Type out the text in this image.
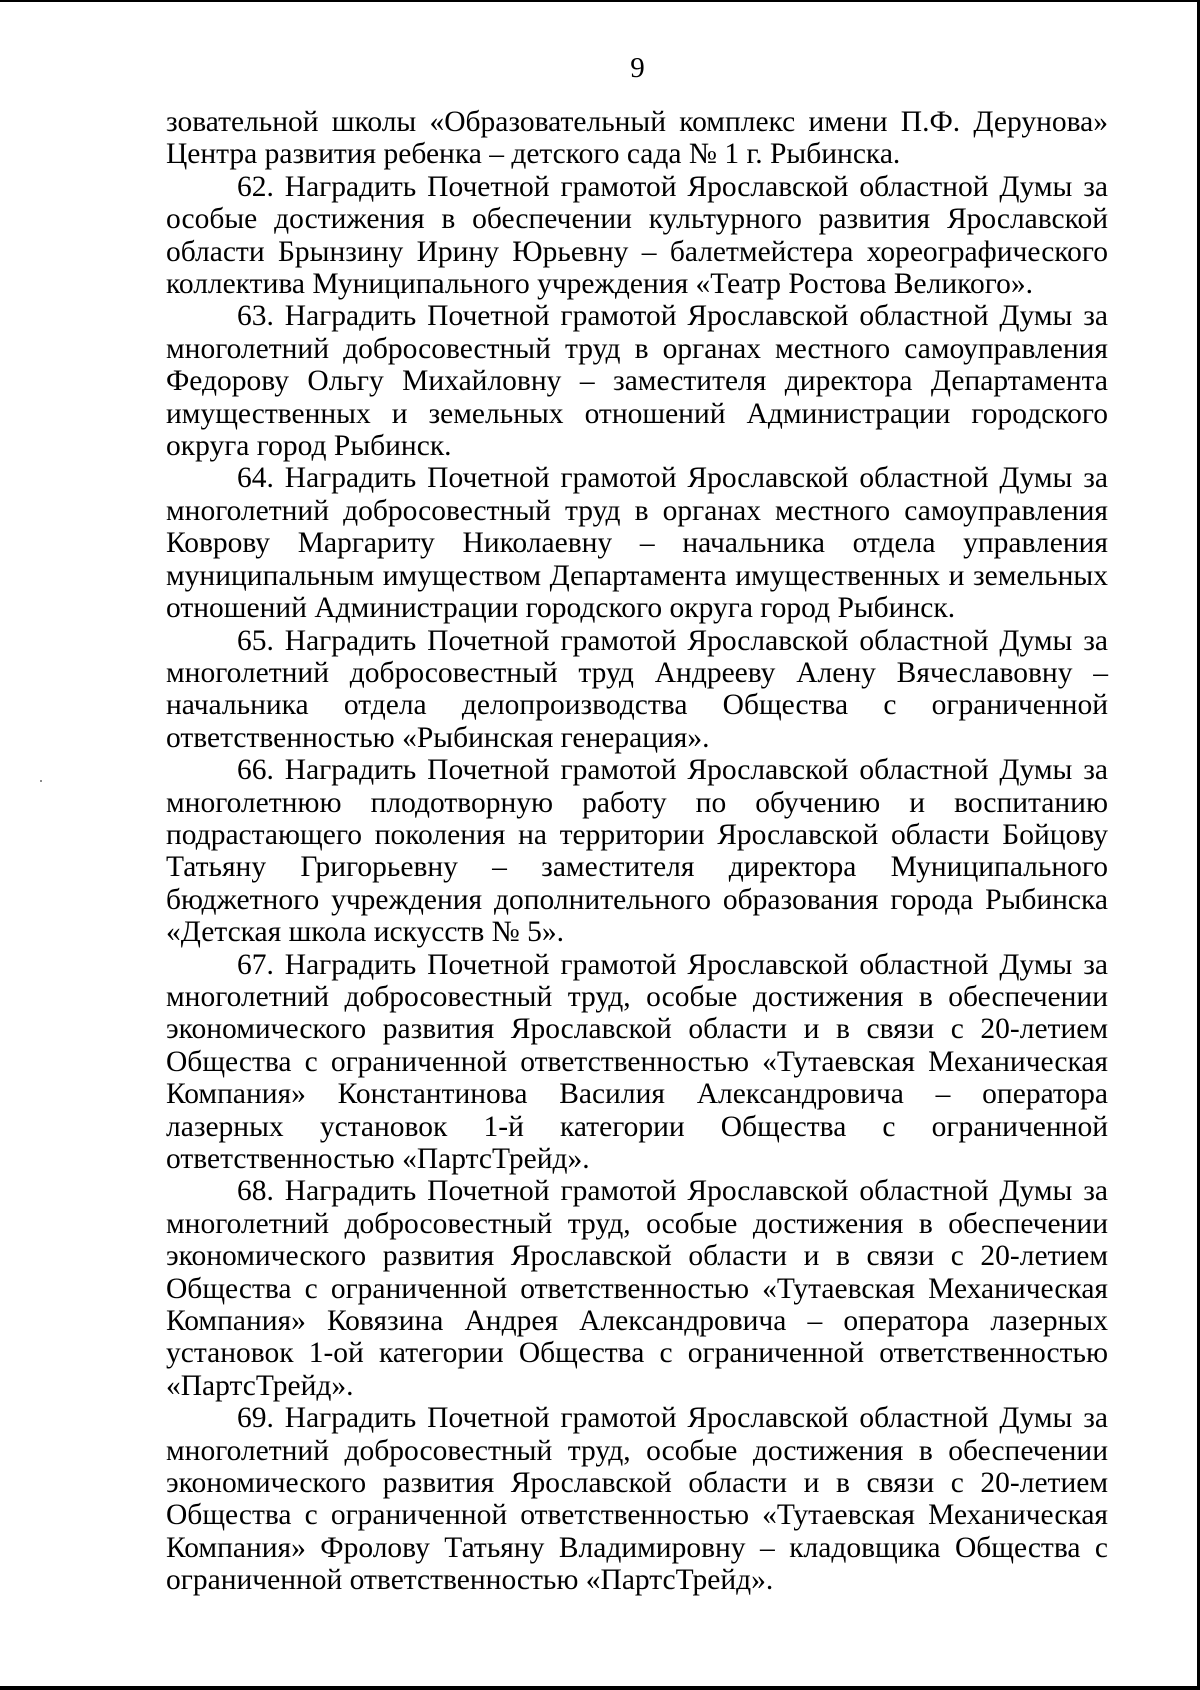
9

зовательной школы «Образовательный комплекс имени П.Ф. Дерунова» Центра развития ребенка – детского сада № 1 г. Рыбинска.

62. Наградить Почетной грамотой Ярославской областной Думы за особые достижения в обеспечении культурного развития Ярославской области Брынзину Ирину Юрьевну – балетмейстера хореографического коллектива Муниципального учреждения «Театр Ростова Великого».

63. Наградить Почетной грамотой Ярославской областной Думы за многолетний добросовестный труд в органах местного самоуправления Федорову Ольгу Михайловну – заместителя директора Департамента имущественных и земельных отношений Администрации городского округа город Рыбинск.

64. Наградить Почетной грамотой Ярославской областной Думы за многолетний добросовестный труд в органах местного самоуправления Коврову Маргариту Николаевну – начальника отдела управления муниципальным имуществом Департамента имущественных и земельных отношений Администрации городского округа город Рыбинск.

65. Наградить Почетной грамотой Ярославской областной Думы за многолетний добросовестный труд Андрееву Алену Вячеславовну – начальника отдела делопроизводства Общества с ограниченной ответственностью «Рыбинская генерация».

66. Наградить Почетной грамотой Ярославской областной Думы за многолетнюю плодотворную работу по обучению и воспитанию подрастающего поколения на территории Ярославской области Бойцову Татьяну Григорьевну – заместителя директора Муниципального бюджетного учреждения дополнительного образования города Рыбинска «Детская школа искусств № 5».

67. Наградить Почетной грамотой Ярославской областной Думы за многолетний добросовестный труд, особые достижения в обеспечении экономического развития Ярославской области и в связи с 20-летием Общества с ограниченной ответственностью «Тутаевская Механическая Компания» Константинова Василия Александровича – оператора лазерных установок 1-й категории Общества с ограниченной ответственностью «ПартсТрейд».

68. Наградить Почетной грамотой Ярославской областной Думы за многолетний добросовестный труд, особые достижения в обеспечении экономического развития Ярославской области и в связи с 20-летием Общества с ограниченной ответственностью «Тутаевская Механическая Компания» Ковязина Андрея Александровича – оператора лазерных установок 1-ой категории Общества с ограниченной ответственностью «ПартсТрейд».

69. Наградить Почетной грамотой Ярославской областной Думы за многолетний добросовестный труд, особые достижения в обеспечении экономического развития Ярославской области и в связи с 20-летием Общества с ограниченной ответственностью «Тутаевская Механическая Компания» Фролову Татьяну Владимировну – кладовщика Общества с ограниченной ответственностью «ПартсТрейд».
